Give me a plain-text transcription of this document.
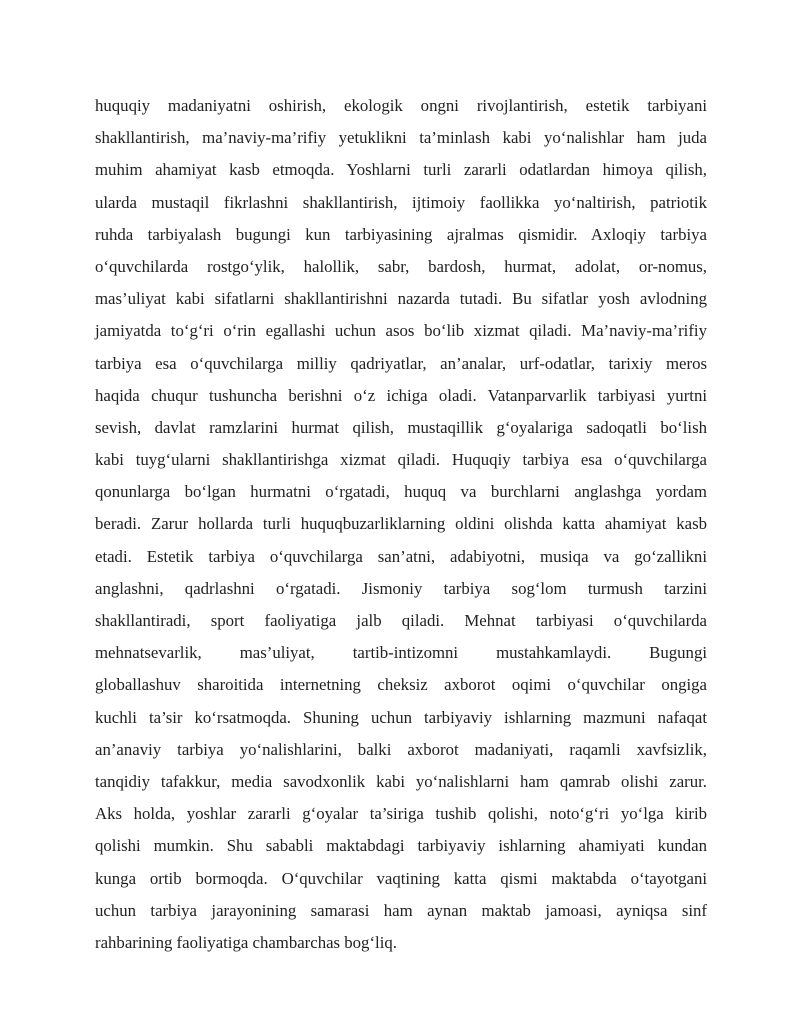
huquqiy madaniyatni oshirish, ekologik ongni rivojlantirish, estetik tarbiyani
shakllantirish, ma’naviy-ma’rifiy yetuklikni ta’minlash kabi yo‘nalishlar ham juda
muhim ahamiyat kasb etmoqda. Yoshlarni turli zararli odatlardan himoya qilish,
ularda mustaqil fikrlashni shakllantirish, ijtimoiy faollikka yo‘naltirish, patriotik
ruhda tarbiyalash bugungi kun tarbiyasining ajralmas qismidir. Axloqiy tarbiya
o‘quvchilarda rostgo‘ylik, halollik, sabr, bardosh, hurmat, adolat, or-nomus,
mas’uliyat kabi sifatlarni shakllantirishni nazarda tutadi. Bu sifatlar yosh avlodning
jamiyatda to‘g‘ri o‘rin egallashi uchun asos bo‘lib xizmat qiladi. Ma’naviy-ma’rifiy
tarbiya esa o‘quvchilarga milliy qadriyatlar, an’analar, urf-odatlar, tarixiy meros
haqida chuqur tushuncha berishni o‘z ichiga oladi. Vatanparvarlik tarbiyasi yurtni
sevish, davlat ramzlarini hurmat qilish, mustaqillik g‘oyalariga sadoqatli bo‘lish
kabi tuyg‘ularni shakllantirishga xizmat qiladi. Huquqiy tarbiya esa o‘quvchilarga
qonunlarga bo‘lgan hurmatni o‘rgatadi, huquq va burchlarni anglashga yordam
beradi. Zarur hollarda turli huquqbuzarliklarning oldini olishda katta ahamiyat kasb
etadi. Estetik tarbiya o‘quvchilarga san’atni, adabiyotni, musiqa va go‘zallikni
anglashni, qadrlashni o‘rgatadi. Jismoniy tarbiya sog‘lom turmush tarzini
shakllantiradi, sport faoliyatiga jalb qiladi. Mehnat tarbiyasi o‘quvchilarda
mehnatsevarlik, mas’uliyat, tartib-intizomni mustahkamlaydi. Bugungi
globallashuv sharoitida internetning cheksiz axborot oqimi o‘quvchilar ongiga
kuchli ta’sir ko‘rsatmoqda. Shuning uchun tarbiyaviy ishlarning mazmuni nafaqat
an’anaviy tarbiya yo‘nalishlarini, balki axborot madaniyati, raqamli xavfsizlik,
tanqidiy tafakkur, media savodxonlik kabi yo‘nalishlarni ham qamrab olishi zarur.
Aks holda, yoshlar zararli g‘oyalar ta’siriga tushib qolishi, noto‘g‘ri yo‘lga kirib
qolishi mumkin. Shu sababli maktabdagi tarbiyaviy ishlarning ahamiyati kundan
kunga ortib bormoqda. O‘quvchilar vaqtining katta qismi maktabda o‘tayotgani
uchun tarbiya jarayonining samarasi ham aynan maktab jamoasi, ayniqsa sinf
rahbarining faoliyatiga chambarchas bog‘liq.
